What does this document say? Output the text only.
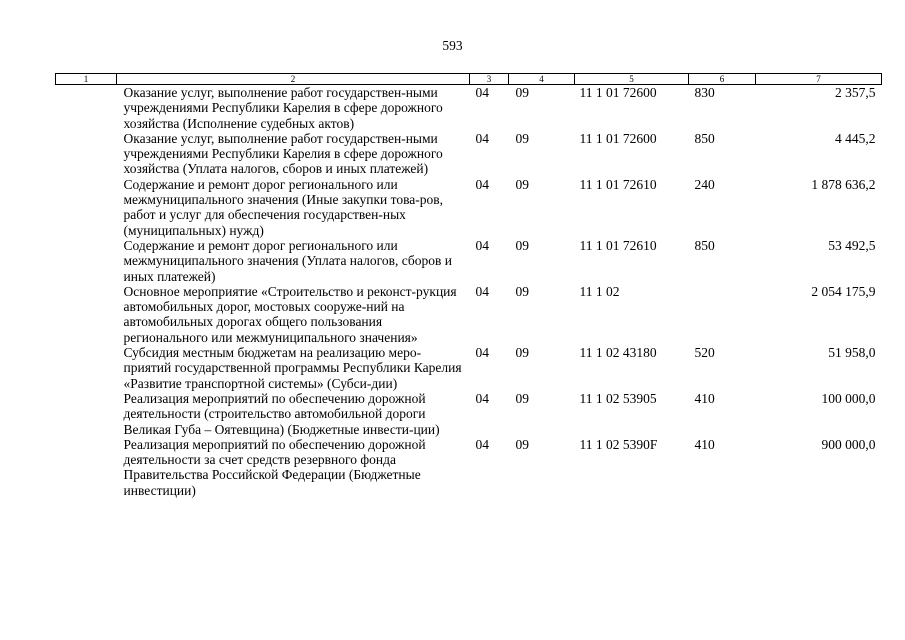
593
1	2	3	4	5	6	7
	Оказание услуг, выполнение работ государствен-ными учреждениями Республики Карелия в сфере дорожного хозяйства (Исполнение судебных актов)	04	09	11 1 01 72600	830	2 357,5
	Оказание услуг, выполнение работ государствен-ными учреждениями Республики Карелия в сфере дорожного хозяйства (Уплата налогов, сборов и иных платежей)	04	09	11 1 01 72600	850	4 445,2
	Содержание и ремонт дорог регионального или межмуниципального значения (Иные закупки това-ров, работ и услуг для обеспечения государствен-ных (муниципальных) нужд)	04	09	11 1 01 72610	240	1 878 636,2
	Содержание и ремонт дорог регионального или межмуниципального значения (Уплата налогов, сборов и иных платежей)	04	09	11 1 01 72610	850	53 492,5
	Основное мероприятие «Строительство и реконст-рукция автомобильных дорог, мостовых сооруже-ний на автомобильных дорогах общего пользования регионального или межмуниципального значения»	04	09	11 1 02		2 054 175,9
	Субсидия местным бюджетам на реализацию меро-приятий государственной программы Республики Карелия «Развитие транспортной системы» (Субси-дии)	04	09	11 1 02 43180	520	51 958,0
	Реализация мероприятий по обеспечению дорожной деятельности (строительство автомобильной дороги Великая Губа – Оятевщина) (Бюджетные инвести-ции)	04	09	11 1 02 53905	410	100 000,0
	Реализация мероприятий по обеспечению дорожной деятельности за счет средств резервного фонда Правительства Российской Федерации (Бюджетные инвестиции)	04	09	11 1 02 5390F	410	900 000,0
